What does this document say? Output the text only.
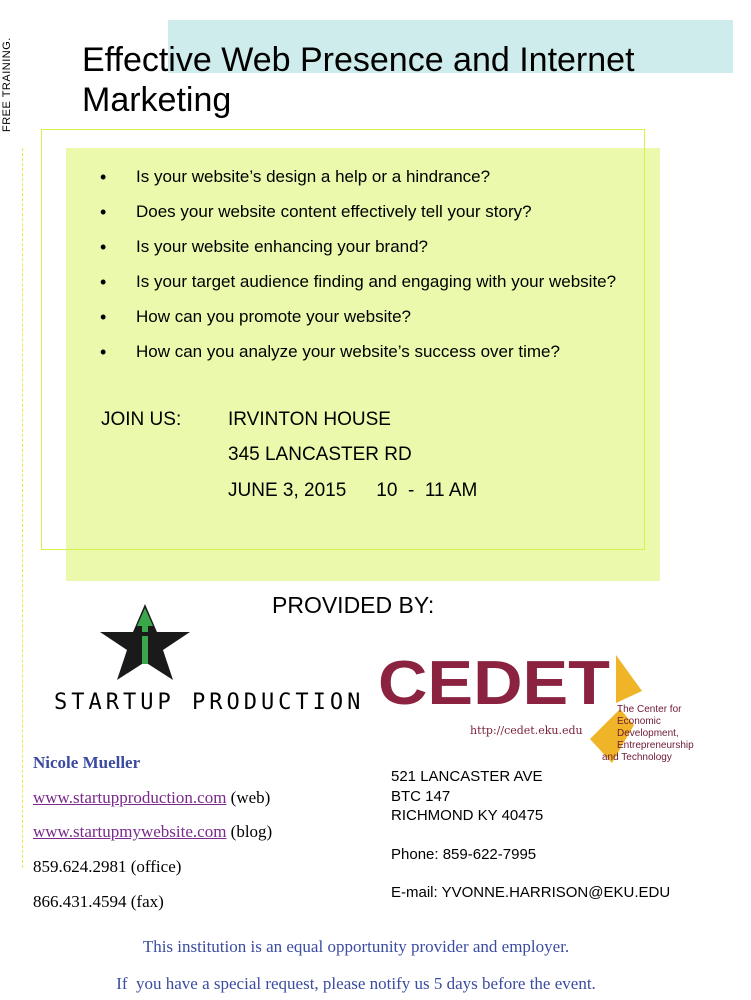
FREE TRAINING. Effective Web Presence and Internet Marketing
• Is your website’s design a help or a hindrance?
• Does your website content effectively tell your story?
• Is your website enhancing your brand?
• Is your target audience finding and engaging with your website?
• How can you promote your website?
• How can you analyze your website’s success over time?
JOIN US: IRVINTON HOUSE
345 LANCASTER RD
JUNE 3, 2015 10  -  11 AM
PROVIDED BY:
STARTUP PRODUCTION CEDET
http://cedet.eku.edu
The Center for
Economic
Development,
Entrepreneurship
and Technology
Nicole Mueller
www.startupproduction.com (web)
www.startupmywebsite.com (blog)
859.624.2981 (office)
866.431.4594 (fax)
521 LANCASTER AVE
BTC 147
RICHMOND KY 40475
Phone: 859-622-7995
E-mail: YVONNE.HARRISON@EKU.EDU
This institution is an equal opportunity provider and employer.
If  you have a special request, please notify us 5 days before the event.
